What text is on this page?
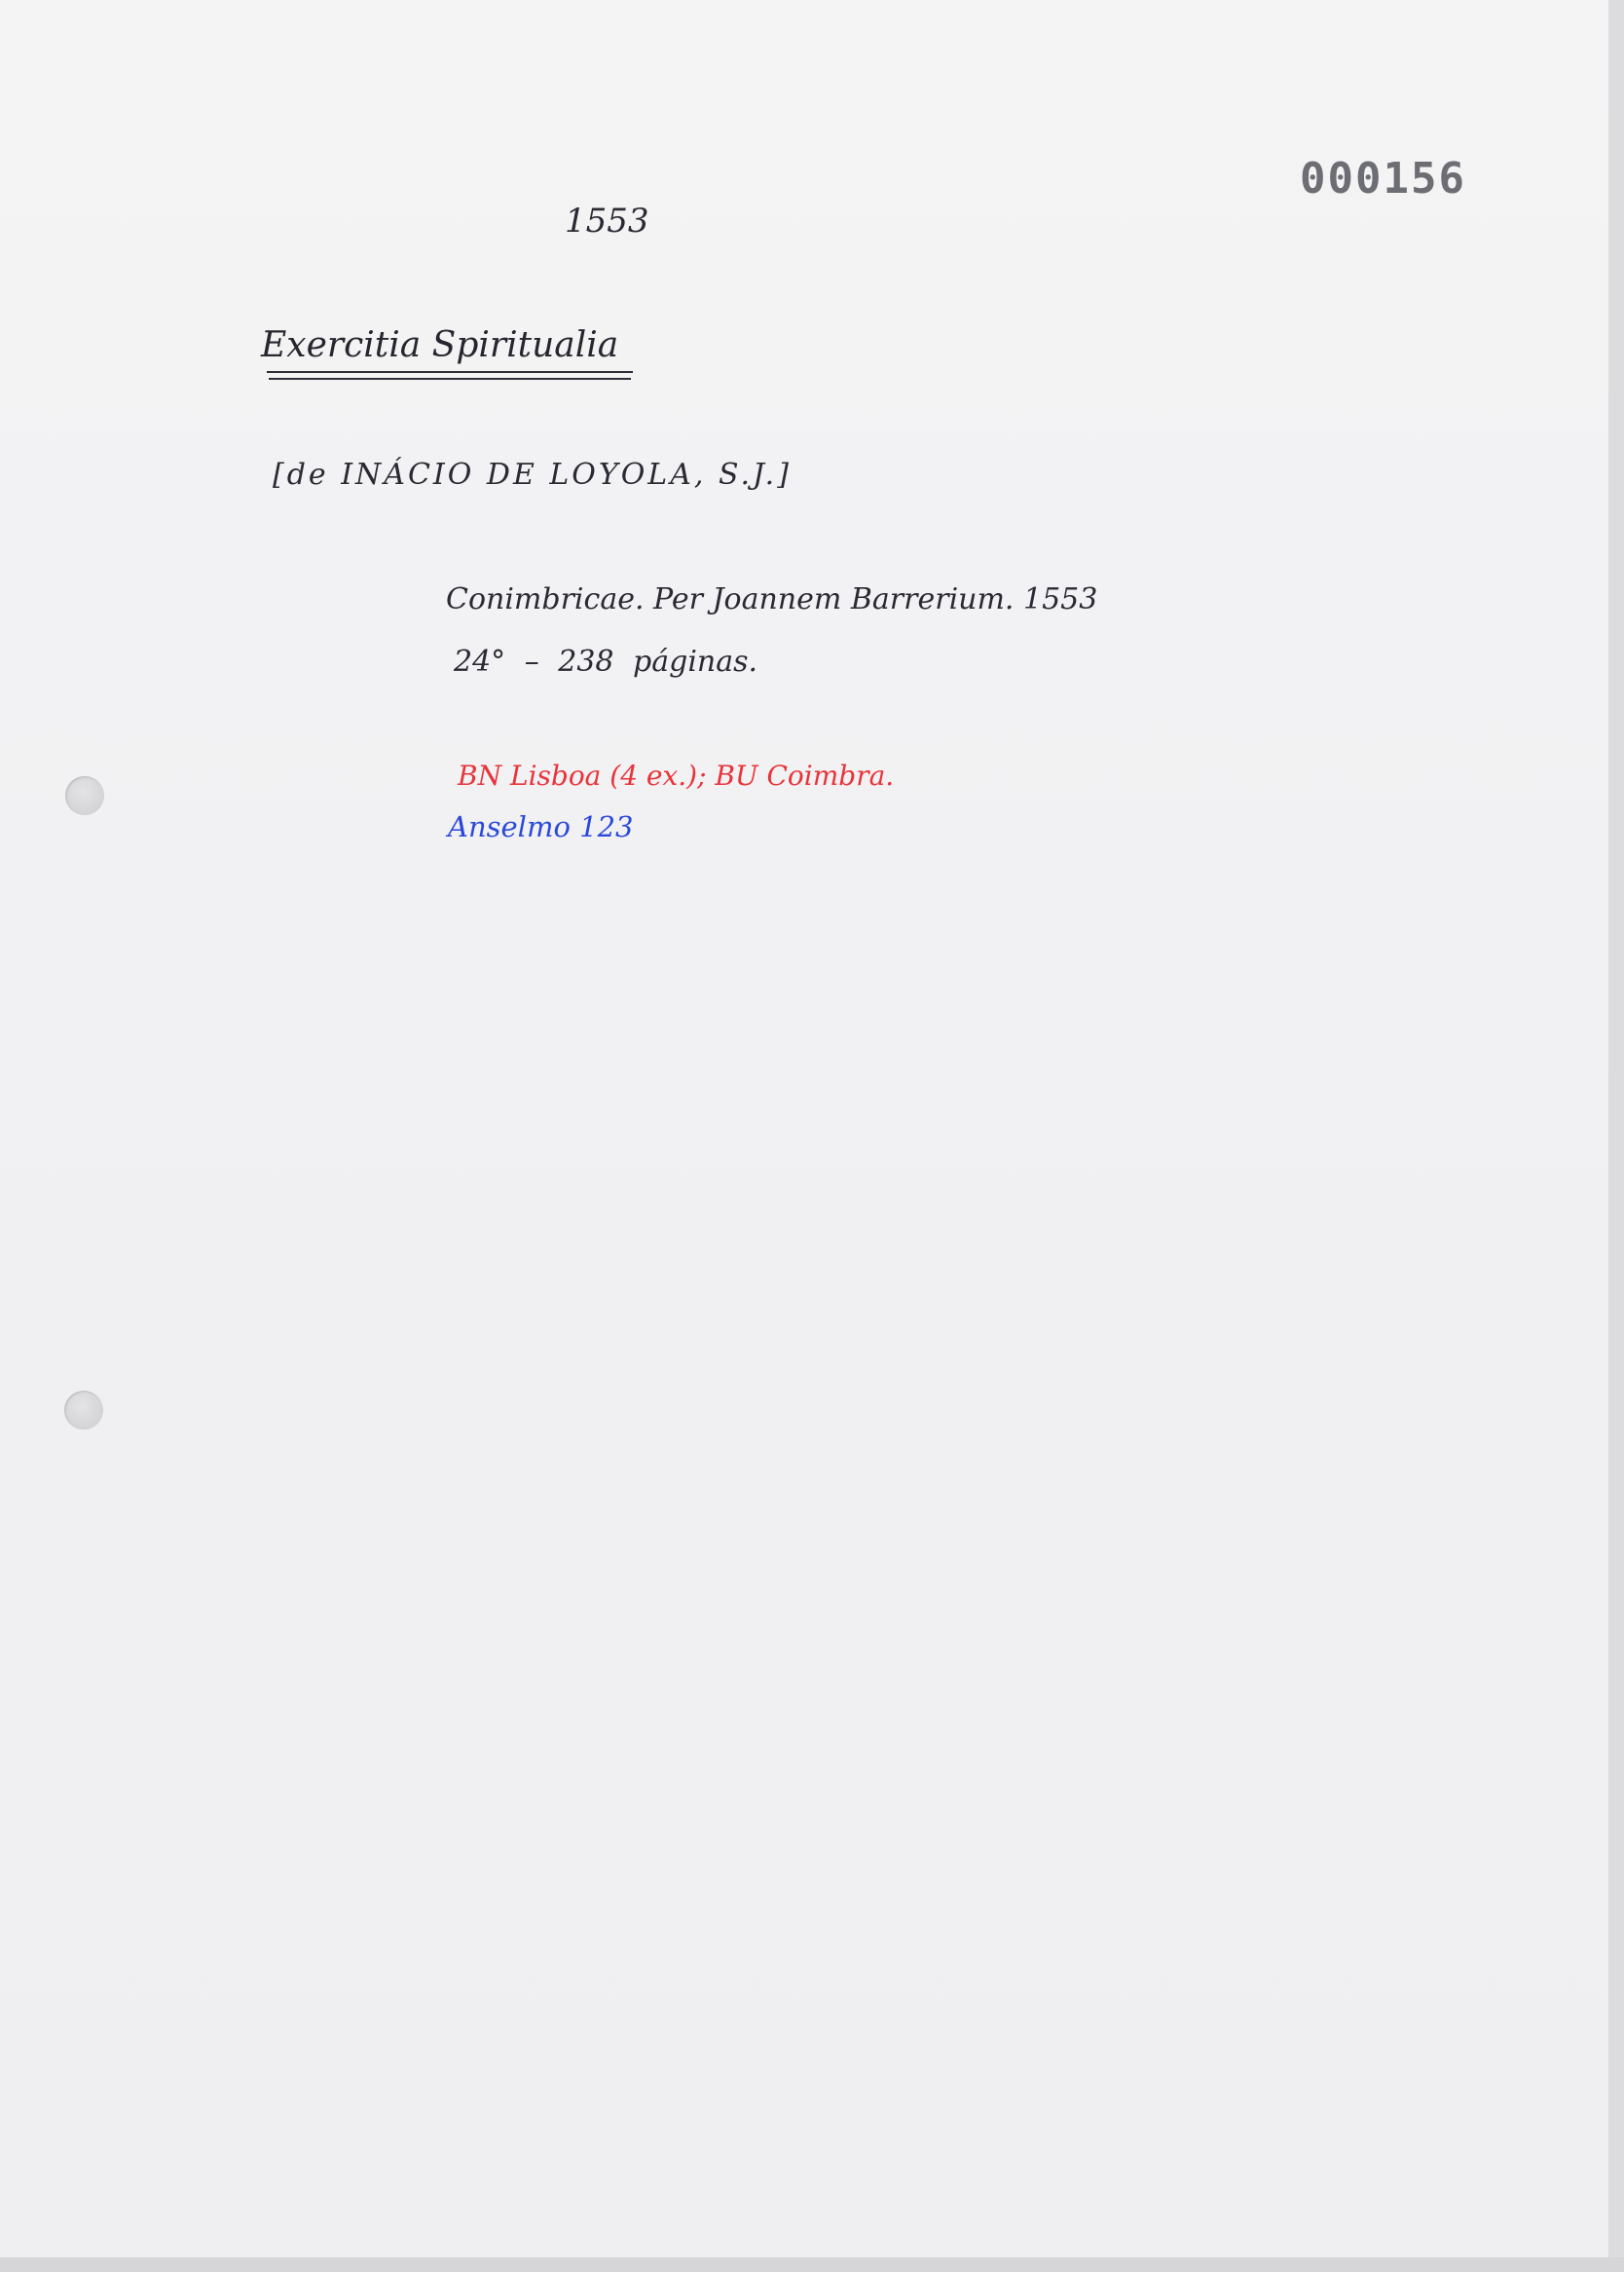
000156
1553
Exercitia Spiritualia
[de INÁCIO DE LOYOLA, S.J.]
Conimbricae. Per Joannem Barrerium. 1553
24° – 238 páginas.
BN Lisboa (4 ex.); BU Coimbra.
Anselmo 123
